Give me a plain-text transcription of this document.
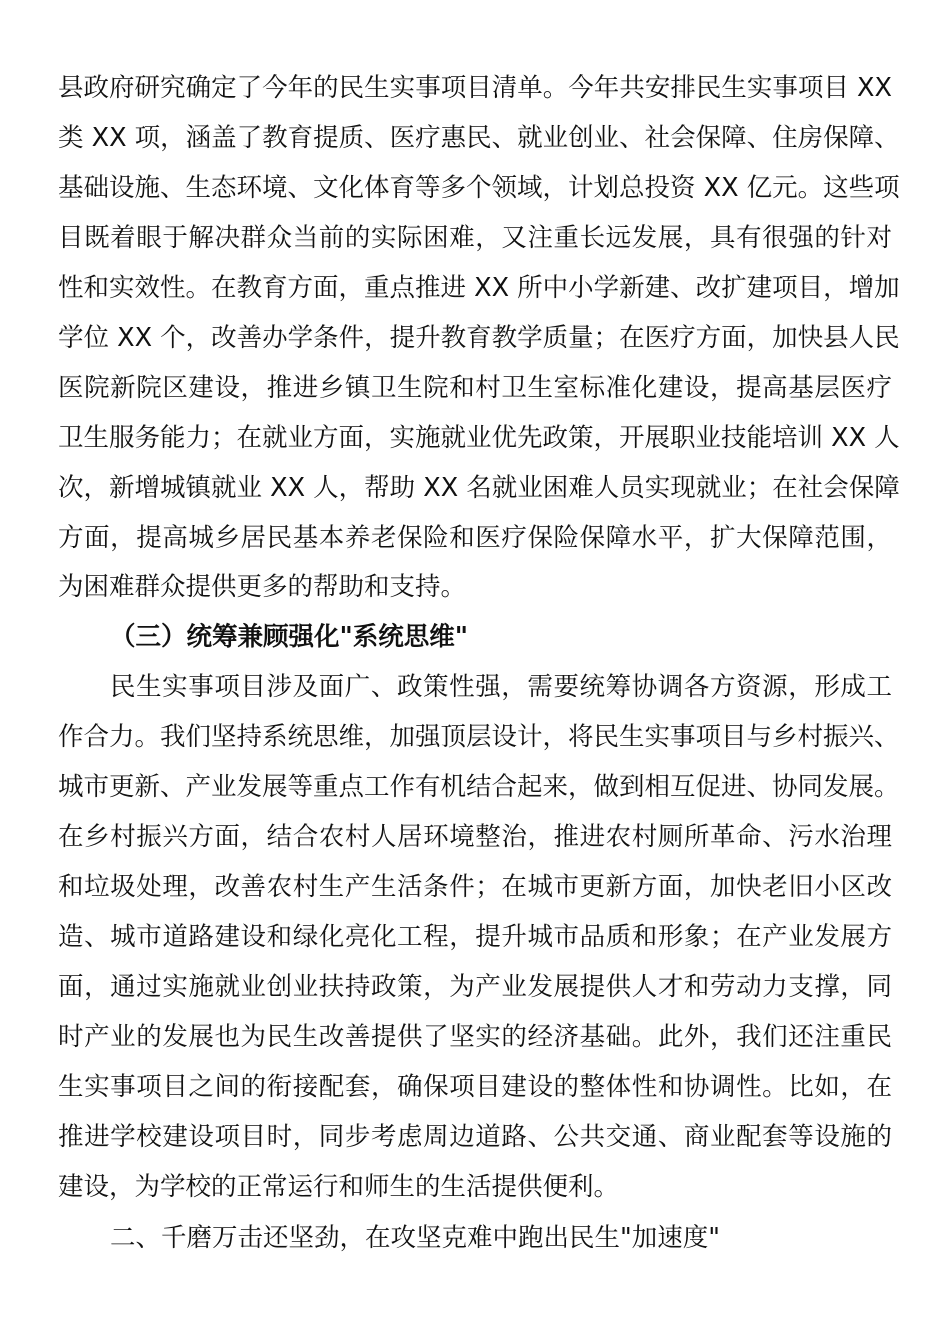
县政府研究确定了今年的民生实事项目清单。今年共安排民生实事项目 XX
类 XX 项，涵盖了教育提质、医疗惠民、就业创业、社会保障、住房保障、
基础设施、生态环境、文化体育等多个领域，计划总投资 XX 亿元。这些项
目既着眼于解决群众当前的实际困难，又注重长远发展，具有很强的针对
性和实效性。在教育方面，重点推进 XX 所中小学新建、改扩建项目，增加
学位 XX 个，改善办学条件，提升教育教学质量；在医疗方面，加快县人民
医院新院区建设，推进乡镇卫生院和村卫生室标准化建设，提高基层医疗
卫生服务能力；在就业方面，实施就业优先政策，开展职业技能培训 XX 人
次，新增城镇就业 XX 人，帮助 XX 名就业困难人员实现就业；在社会保障
方面，提高城乡居民基本养老保险和医疗保险保障水平，扩大保障范围，
为困难群众提供更多的帮助和支持。
（三）统筹兼顾强化"系统思维"
民生实事项目涉及面广、政策性强，需要统筹协调各方资源，形成工
作合力。我们坚持系统思维，加强顶层设计，将民生实事项目与乡村振兴、
城市更新、产业发展等重点工作有机结合起来，做到相互促进、协同发展。
在乡村振兴方面，结合农村人居环境整治，推进农村厕所革命、污水治理
和垃圾处理，改善农村生产生活条件；在城市更新方面，加快老旧小区改
造、城市道路建设和绿化亮化工程，提升城市品质和形象；在产业发展方
面，通过实施就业创业扶持政策，为产业发展提供人才和劳动力支撑，同
时产业的发展也为民生改善提供了坚实的经济基础。此外，我们还注重民
生实事项目之间的衔接配套，确保项目建设的整体性和协调性。比如，在
推进学校建设项目时，同步考虑周边道路、公共交通、商业配套等设施的
建设，为学校的正常运行和师生的生活提供便利。
二、千磨万击还坚劲，在攻坚克难中跑出民生"加速度"
